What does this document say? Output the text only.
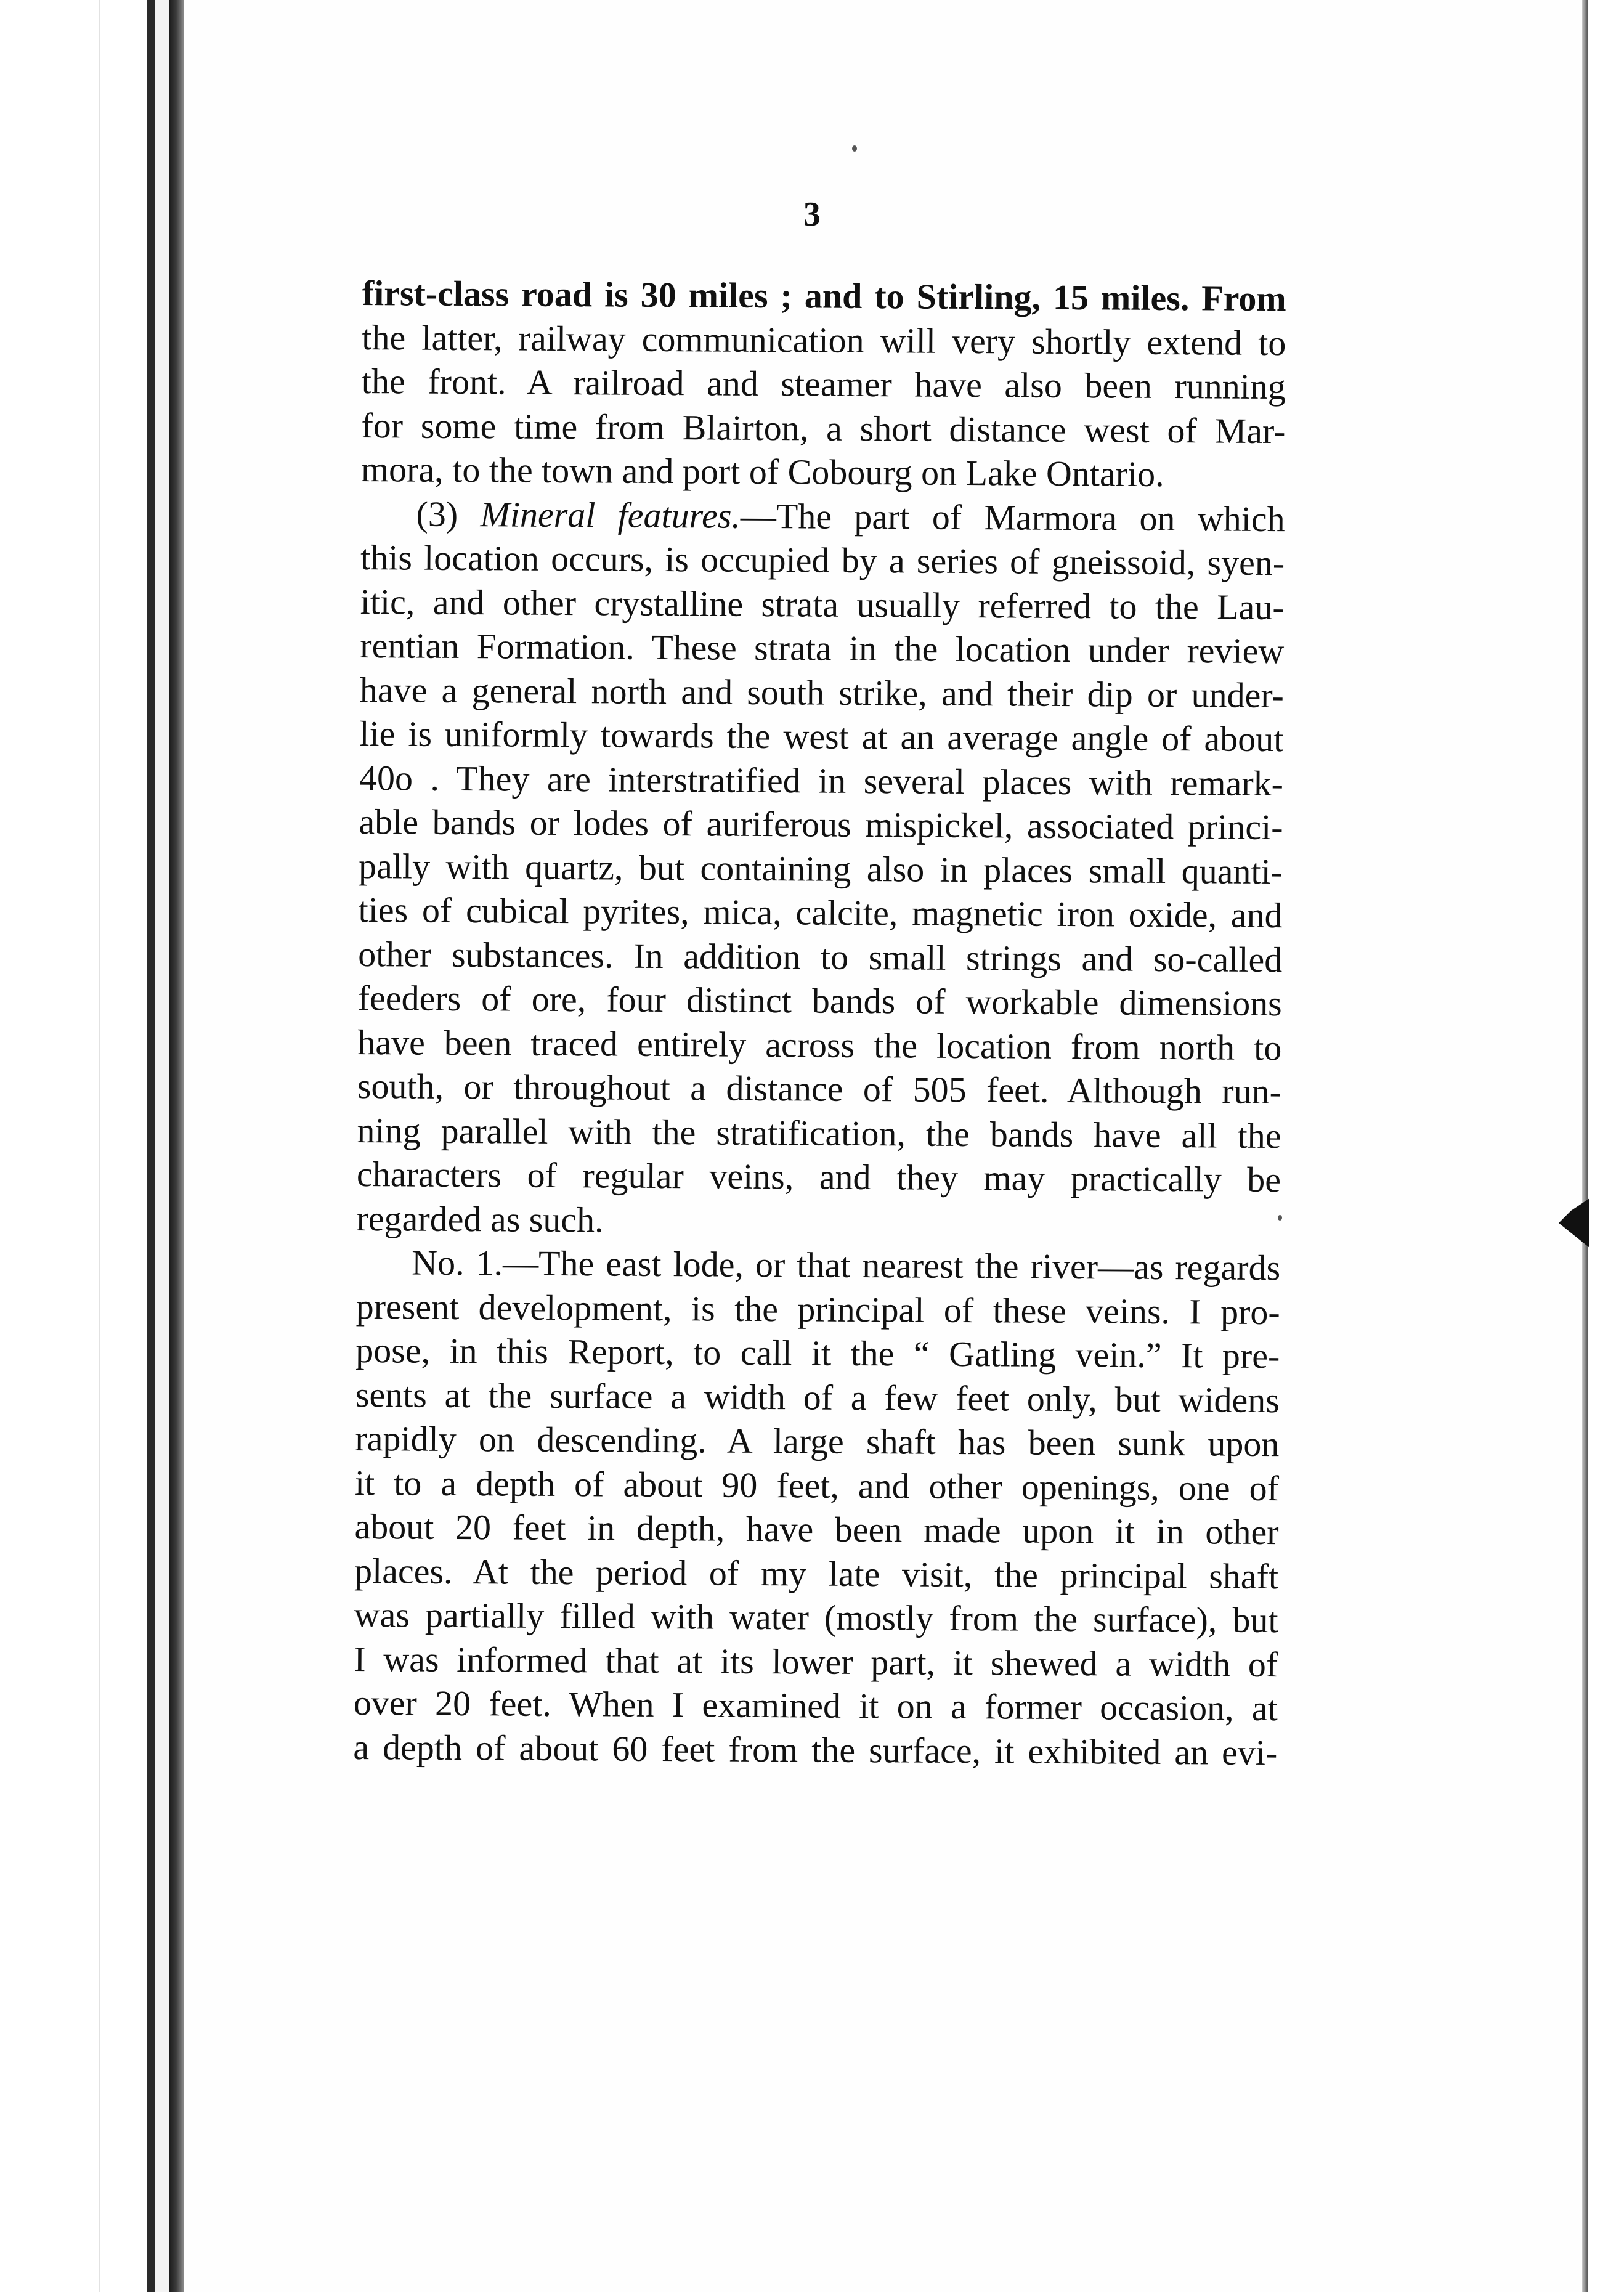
3
first-class road is 30 miles ; and to Stirling, 15 miles. From
the latter, railway communication will very shortly extend to
the front. A railroad and steamer have also been running
for some time from Blairton, a short distance west of Mar-
mora, to the town and port of Cobourg on Lake Ontario.
(3) Mineral features.—The part of Marmora on which
this location occurs, is occupied by a series of gneissoid, syen-
itic, and other crystalline strata usually referred to the Lau-
rentian Formation. These strata in the location under review
have a general north and south strike, and their dip or under-
lie is uniformly towards the west at an average angle of about
40o . They are interstratified in several places with remark-
able bands or lodes of auriferous mispickel, associated princi-
pally with quartz, but containing also in places small quanti-
ties of cubical pyrites, mica, calcite, magnetic iron oxide, and
other substances. In addition to small strings and so-called
feeders of ore, four distinct bands of workable dimensions
have been traced entirely across the location from north to
south, or throughout a distance of 505 feet. Although run-
ning parallel with the stratification, the bands have all the
characters of regular veins, and they may practically be
regarded as such.
No. 1.—The east lode, or that nearest the river—as regards
present development, is the principal of these veins. I pro-
pose, in this Report, to call it the “ Gatling vein.” It pre-
sents at the surface a width of a few feet only, but widens
rapidly on descending. A large shaft has been sunk upon
it to a depth of about 90 feet, and other openings, one of
about 20 feet in depth, have been made upon it in other
places. At the period of my late visit, the principal shaft
was partially filled with water (mostly from the surface), but
I was informed that at its lower part, it shewed a width of
over 20 feet. When I examined it on a former occasion, at
a depth of about 60 feet from the surface, it exhibited an evi-
